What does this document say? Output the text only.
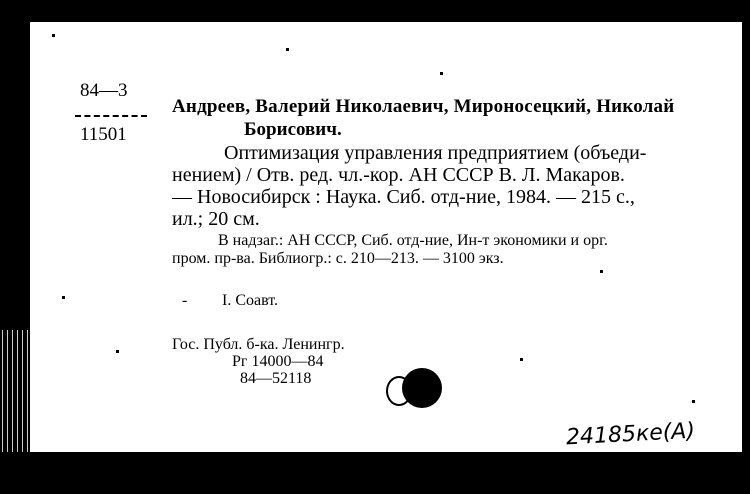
84—3
11501
Андреев, Валерий Николаевич, Мироносецкий, Николай
Борисович.
Оптимизация управления предприятием (объеди-
нением) / Отв. ред. чл.-кор. АН СССР В. Л. Макаров.
— Новосибирск : Наука. Сиб. отд-ние, 1984. — 215 с.,
ил.; 20 см.
В надзаг.: АН СССР, Сиб. отд-ние, Ин-т экономики и орг.
пром. пр-ва. Библиогр.: с. 210—213. — 3100 экз.
- I. Соавт.
Гос. Публ. б-ка. Ленингр.
Рг 14000—84
84—52118
24185ке(А)
